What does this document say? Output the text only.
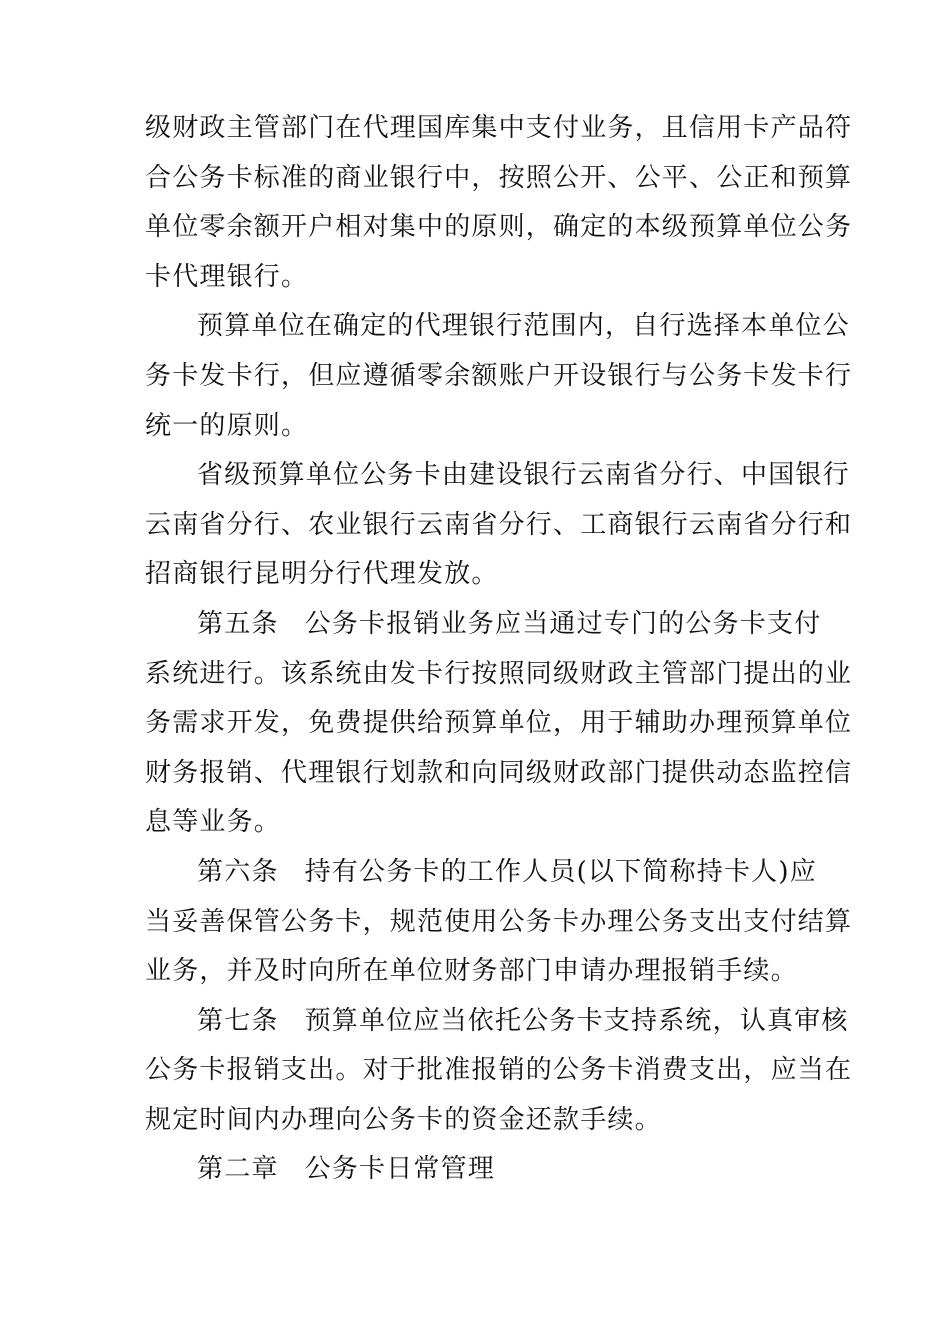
级财政主管部门在代理国库集中支付业务，且信用卡产品符

合公务卡标准的商业银行中，按照公开、公平、公正和预算

单位零余额开户相对集中的原则，确定的本级预算单位公务

卡代理银行。

预算单位在确定的代理银行范围内，自行选择本单位公

务卡发卡行，但应遵循零余额账户开设银行与公务卡发卡行

统一的原则。

省级预算单位公务卡由建设银行云南省分行、中国银行

云南省分行、农业银行云南省分行、工商银行云南省分行和

招商银行昆明分行代理发放。

第五条 公务卡报销业务应当通过专门的公务卡支付

系统进行。该系统由发卡行按照同级财政主管部门提出的业

务需求开发，免费提供给预算单位，用于辅助办理预算单位

财务报销、代理银行划款和向同级财政部门提供动态监控信

息等业务。

第六条 持有公务卡的工作人员(以下简称持卡人)应

当妥善保管公务卡，规范使用公务卡办理公务支出支付结算

业务，并及时向所在单位财务部门申请办理报销手续。

第七条 预算单位应当依托公务卡支持系统，认真审核

公务卡报销支出。对于批准报销的公务卡消费支出，应当在

规定时间内办理向公务卡的资金还款手续。

第二章 公务卡日常管理
